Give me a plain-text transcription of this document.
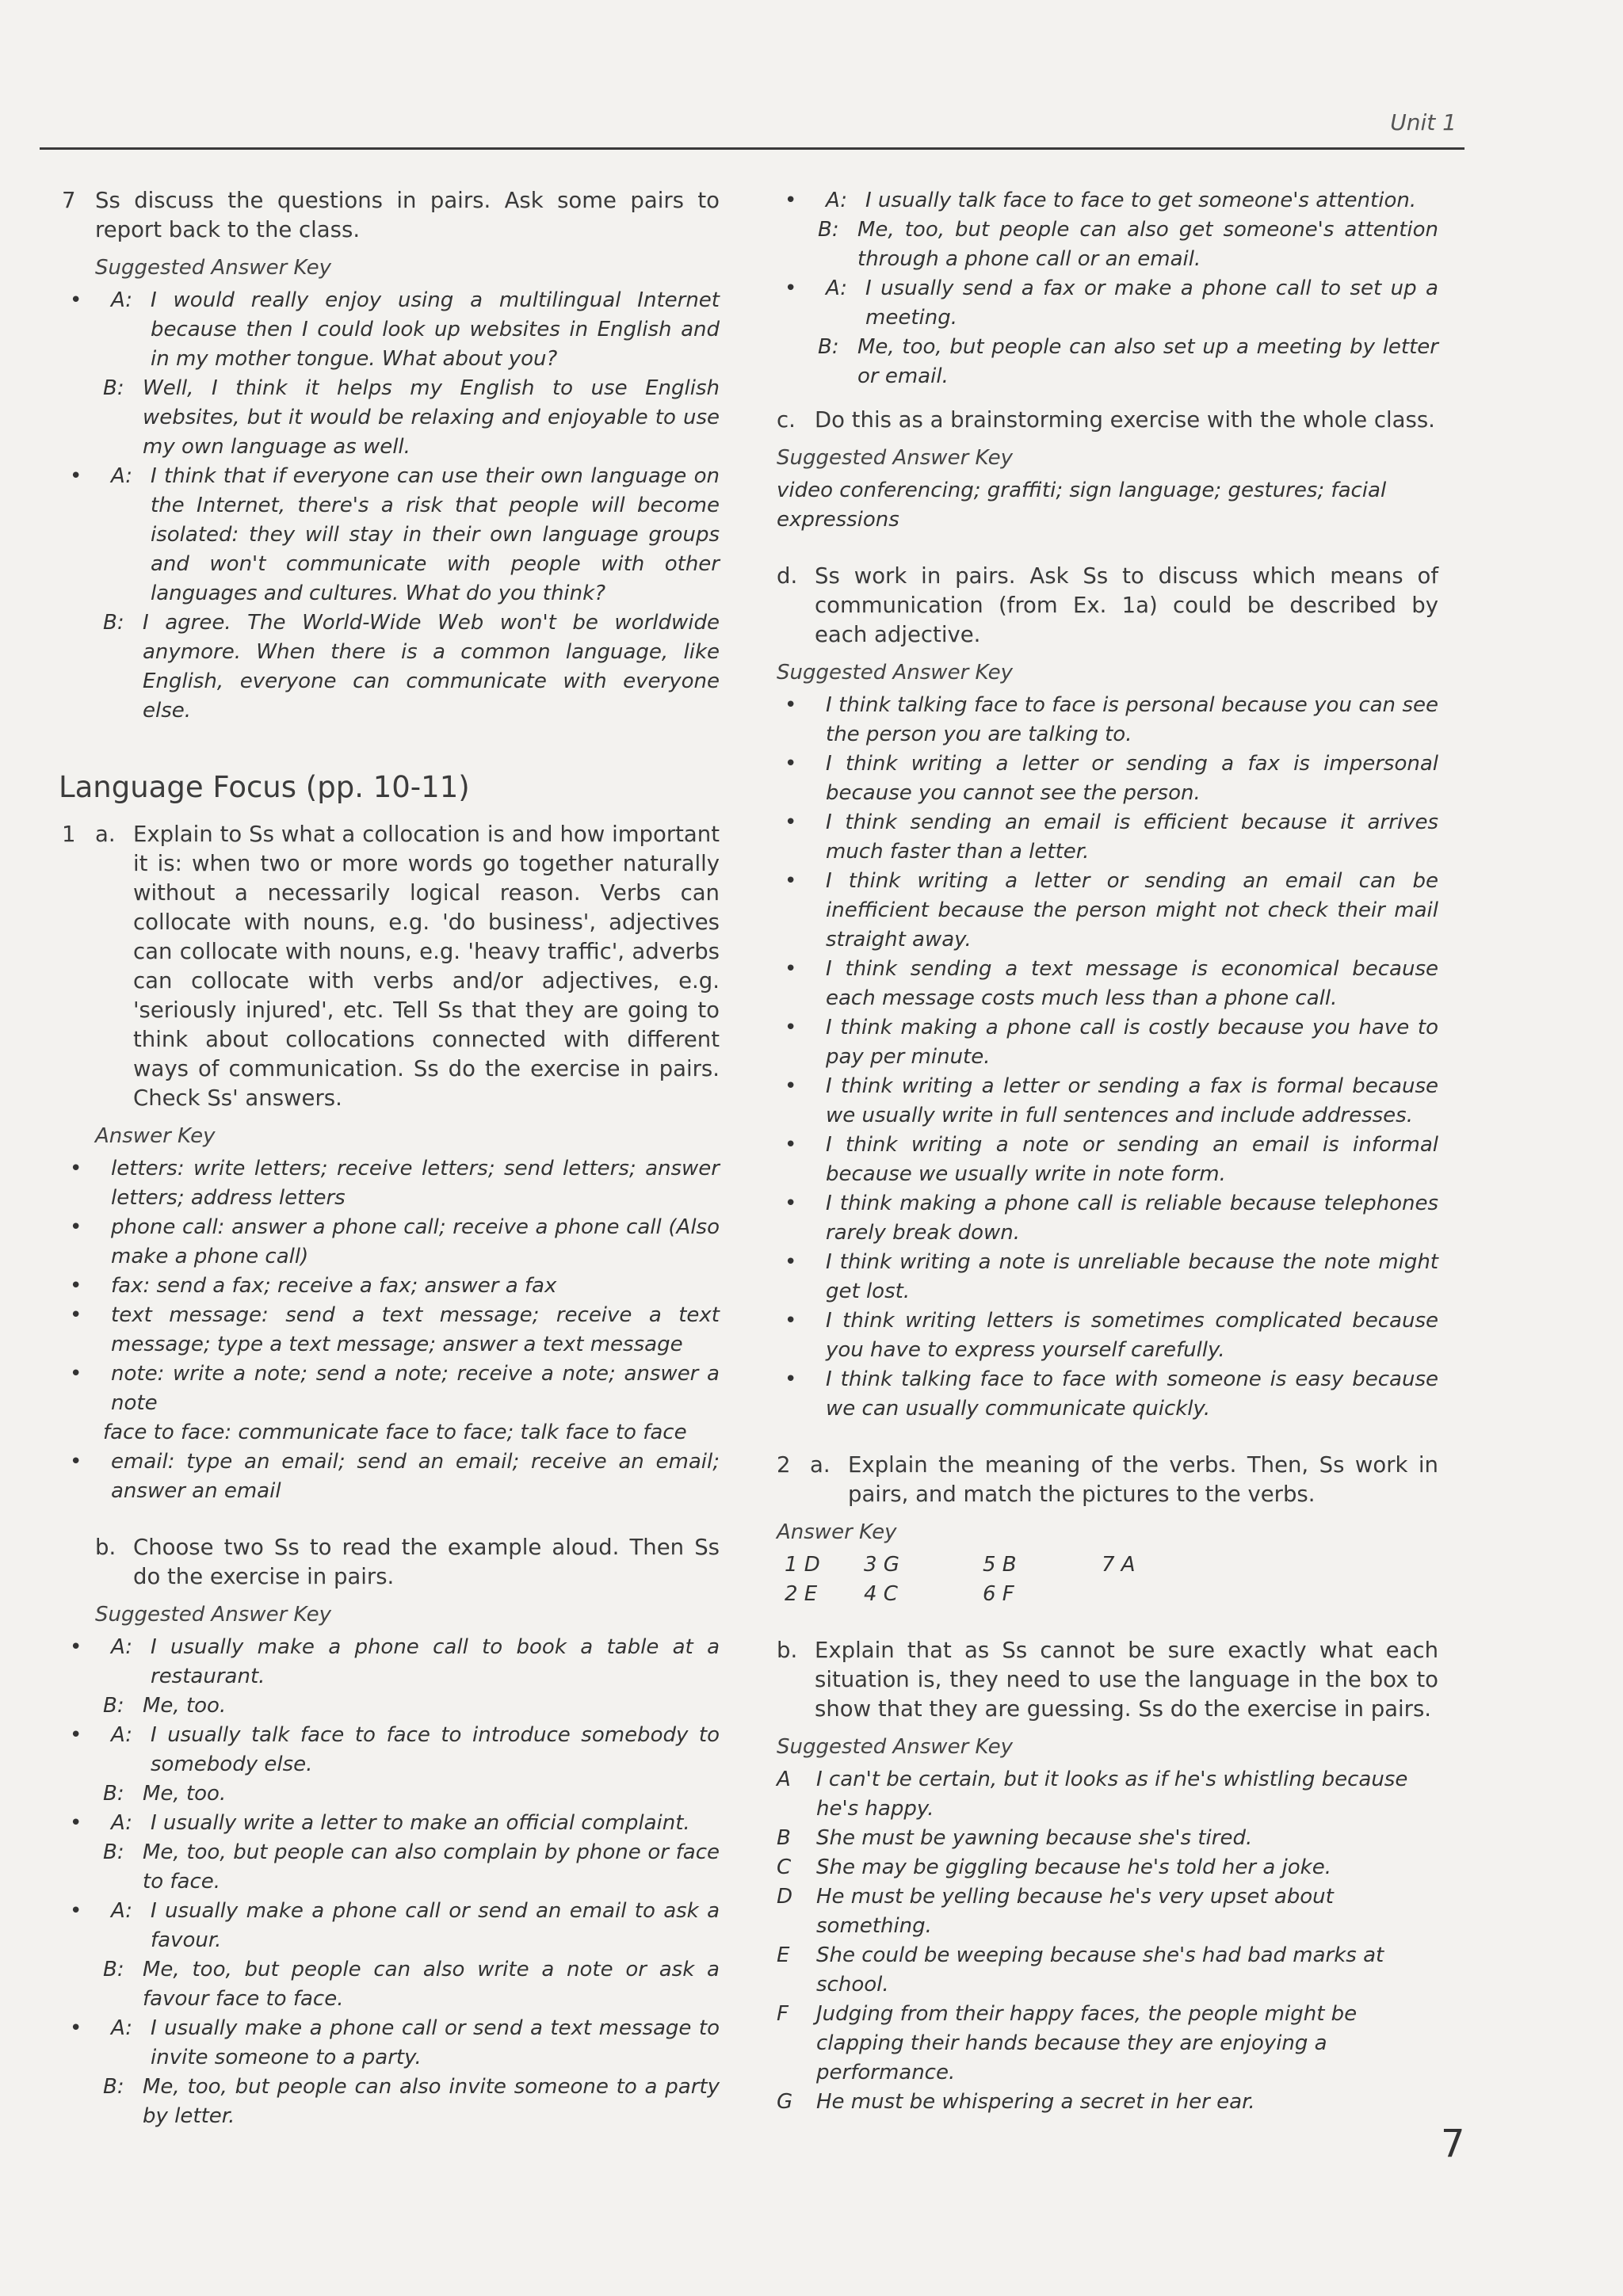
Unit 1
7 Ss discuss the questions in pairs. Ask some pairs to report back to the class.
Suggested Answer Key
•	A: I would really enjoy using a multilingual Internet because then I could look up websites in English and in my mother tongue. What about you?
B: Well, I think it helps my English to use English websites, but it would be relaxing and enjoyable to use my own language as well.
•	A: I think that if everyone can use their own language on the Internet, there's a risk that people will become isolated: they will stay in their own language groups and won't communicate with people with other languages and cultures. What do you think?
B: I agree. The World-Wide Web won't be worldwide anymore. When there is a common language, like English, everyone can communicate with everyone else.
Language Focus (pp. 10-11)
1 a. Explain to Ss what a collocation is and how important it is: when two or more words go together naturally without a necessarily logical reason. Verbs can collocate with nouns, e.g. 'do business', adjectives can collocate with nouns, e.g. 'heavy traffic', adverbs can collocate with verbs and/or adjectives, e.g. 'seriously injured', etc. Tell Ss that they are going to think about collocations connected with different ways of communication. Ss do the exercise in pairs. Check Ss' answers.
Answer Key
•	letters: write letters; receive letters; send letters; answer letters; address letters
•	phone call: answer a phone call; receive a phone call (Also make a phone call)
•	fax: send a fax; receive a fax; answer a fax
•	text message: send a text message; receive a text message; type a text message; answer a text message
•	note: write a note; send a note; receive a note; answer a note
face to face: communicate face to face; talk face to face
•	email: type an email; send an email; receive an email; answer an email
b. Choose two Ss to read the example aloud. Then Ss do the exercise in pairs.
Suggested Answer Key
•	A: I usually make a phone call to book a table at a restaurant.
B: Me, too.
•	A: I usually talk face to face to introduce somebody to somebody else.
B: Me, too.
•	A: I usually write a letter to make an official complaint.
B: Me, too, but people can also complain by phone or face to face.
•	A: I usually make a phone call or send an email to ask a favour.
B: Me, too, but people can also write a note or ask a favour face to face.
•	A: I usually make a phone call or send a text message to invite someone to a party.
B: Me, too, but people can also invite someone to a party by letter.
•	A: I usually talk face to face to get someone's attention.
B: Me, too, but people can also get someone's attention through a phone call or an email.
•	A: I usually send a fax or make a phone call to set up a meeting.
B: Me, too, but people can also set up a meeting by letter or email.
c. Do this as a brainstorming exercise with the whole class.
Suggested Answer Key
video conferencing; graffiti; sign language; gestures; facial expressions
d. Ss work in pairs. Ask Ss to discuss which means of communication (from Ex. 1a) could be described by each adjective.
Suggested Answer Key
•	I think talking face to face is personal because you can see the person you are talking to.
•	I think writing a letter or sending a fax is impersonal because you cannot see the person.
•	I think sending an email is efficient because it arrives much faster than a letter.
•	I think writing a letter or sending an email can be inefficient because the person might not check their mail straight away.
•	I think sending a text message is economical because each message costs much less than a phone call.
•	I think making a phone call is costly because you have to pay per minute.
•	I think writing a letter or sending a fax is formal because we usually write in full sentences and include addresses.
•	I think writing a note or sending an email is informal because we usually write in note form.
•	I think making a phone call is reliable because telephones rarely break down.
•	I think writing a note is unreliable because the note might get lost.
•	I think writing letters is sometimes complicated because you have to express yourself carefully.
•	I think talking face to face with someone is easy because we can usually communicate quickly.
2 a. Explain the meaning of the verbs. Then, Ss work in pairs, and match the pictures to the verbs.
Answer Key
1 D	3 G	5 B	7 A
2 E	4 C	6 F
b. Explain that as Ss cannot be sure exactly what each situation is, they need to use the language in the box to show that they are guessing. Ss do the exercise in pairs.
Suggested Answer Key
A	I can't be certain, but it looks as if he's whistling because he's happy.
B	She must be yawning because she's tired.
C	She may be giggling because he's told her a joke.
D	He must be yelling because he's very upset about something.
E	She could be weeping because she's had bad marks at school.
F	Judging from their happy faces, the people might be clapping their hands because they are enjoying a performance.
G	He must be whispering a secret in her ear.
7
